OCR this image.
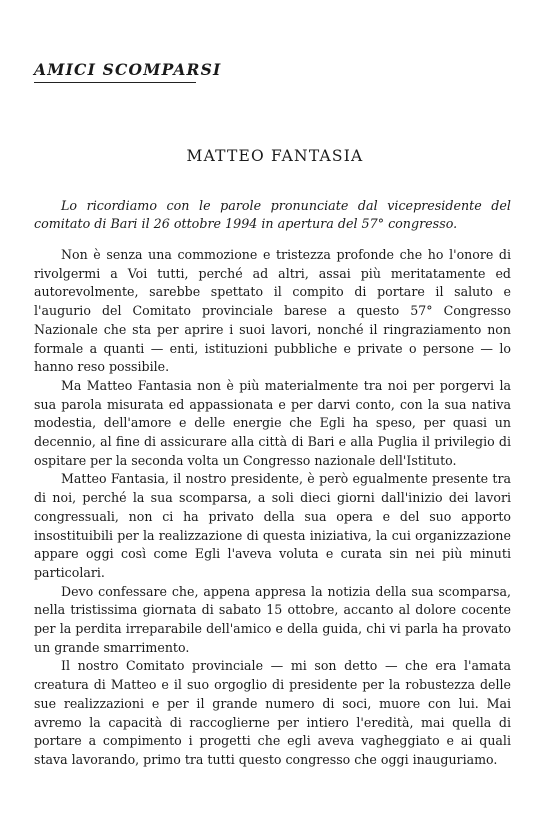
AMICI SCOMPARSI
MATTEO FANTASIA

Lo ricordiamo con le parole pronunciate dal vicepresidente del comitato di Bari il 26 ottobre 1994 in apertura del 57° congresso.

Non è senza una commozione e tristezza profonde che ho l'onore di rivolgermi a Voi tutti, perché ad altri, assai più meritatamente ed autorevolmente, sarebbe spettato il compito di portare il saluto e l'augurio del Comitato provinciale barese a questo 57° Congresso Nazionale che sta per aprire i suoi lavori, nonché il ringraziamento non formale a quanti — enti, istituzioni pubbliche e private o persone — lo hanno reso possibile.

Ma Matteo Fantasia non è più materialmente tra noi per porgervi la sua parola misurata ed appassionata e per darvi conto, con la sua nativa modestia, dell'amore e delle energie che Egli ha speso, per quasi un decennio, al fine di assicurare alla città di Bari e alla Puglia il privilegio di ospitare per la seconda volta un Congresso nazionale dell'Istituto.

Matteo Fantasia, il nostro presidente, è però egualmente presente tra di noi, perché la sua scomparsa, a soli dieci giorni dall'inizio dei lavori congressuali, non ci ha privato della sua opera e del suo apporto insostituibili per la realizzazione di questa iniziativa, la cui organizzazione appare oggi così come Egli l'aveva voluta e curata sin nei più minuti particolari.

Devo confessare che, appena appresa la notizia della sua scomparsa, nella tristissima giornata di sabato 15 ottobre, accanto al dolore cocente per la perdita irreparabile dell'amico e della guida, chi vi parla ha provato un grande smarrimento.

Il nostro Comitato provinciale — mi son detto — che era l'amata creatura di Matteo e il suo orgoglio di presidente per la robustezza delle sue realizzazioni e per il grande numero di soci, muore con lui. Mai avremo la capacità di raccoglierne per intiero l'eredità, mai quella di portare a compimento i progetti che egli aveva vagheggiato e ai quali stava lavorando, primo tra tutti questo congresso che oggi inauguriamo.
